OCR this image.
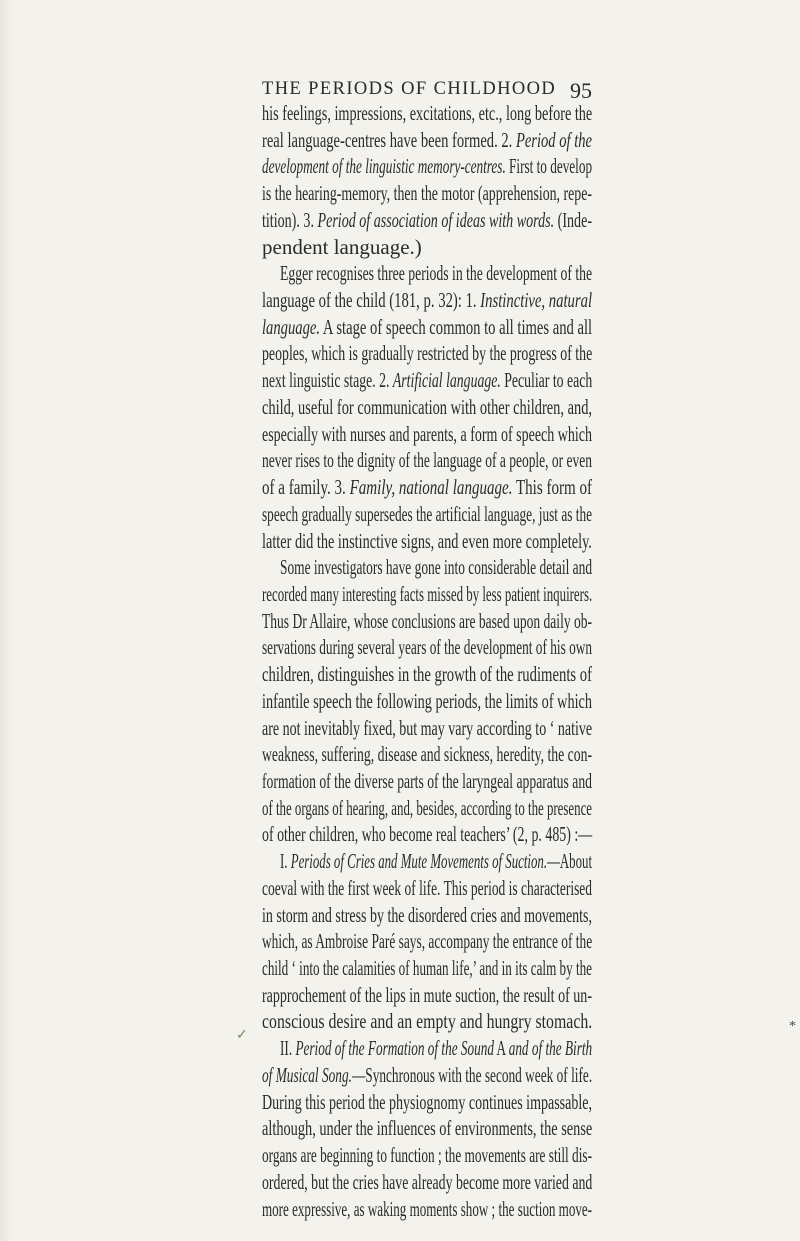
THE PERIODS OF CHILDHOOD 95
his feelings, impressions, excitations, etc., long before the
real language-centres have been formed. 2. Period of the
development of the linguistic memory-centres. First to develop
is the hearing-memory, then the motor (apprehension, repe-
tition). 3. Period of association of ideas with words. (Inde-
pendent language.)
Egger recognises three periods in the development of the
language of the child (181, p. 32): 1. Instinctive, natural
language. A stage of speech common to all times and all
peoples, which is gradually restricted by the progress of the
next linguistic stage. 2. Artificial language. Peculiar to each
child, useful for communication with other children, and,
especially with nurses and parents, a form of speech which
never rises to the dignity of the language of a people, or even
of a family. 3. Family, national language. This form of
speech gradually supersedes the artificial language, just as the
latter did the instinctive signs, and even more completely.
Some investigators have gone into considerable detail and
recorded many interesting facts missed by less patient inquirers.
Thus Dr Allaire, whose conclusions are based upon daily ob-
servations during several years of the development of his own
children, distinguishes in the growth of the rudiments of
infantile speech the following periods, the limits of which
are not inevitably fixed, but may vary according to ‘ native
weakness, suffering, disease and sickness, heredity, the con-
formation of the diverse parts of the laryngeal apparatus and
of the organs of hearing, and, besides, according to the presence
of other children, who become real teachers’ (2, p. 485) :—
I. Periods of Cries and Mute Movements of Suction.—About
coeval with the first week of life. This period is characterised
in storm and stress by the disordered cries and movements,
which, as Ambroise Paré says, accompany the entrance of the
child ‘ into the calamities of human life,’ and in its calm by the
rapprochement of the lips in mute suction, the result of un-
conscious desire and an empty and hungry stomach.
II. Period of the Formation of the Sound A and of the Birth
of Musical Song.—Synchronous with the second week of life.
During this period the physiognomy continues impassable,
although, under the influences of environments, the sense
organs are beginning to function ; the movements are still dis-
ordered, but the cries have already become more varied and
more expressive, as waking moments show ; the suction move-
*
✓
